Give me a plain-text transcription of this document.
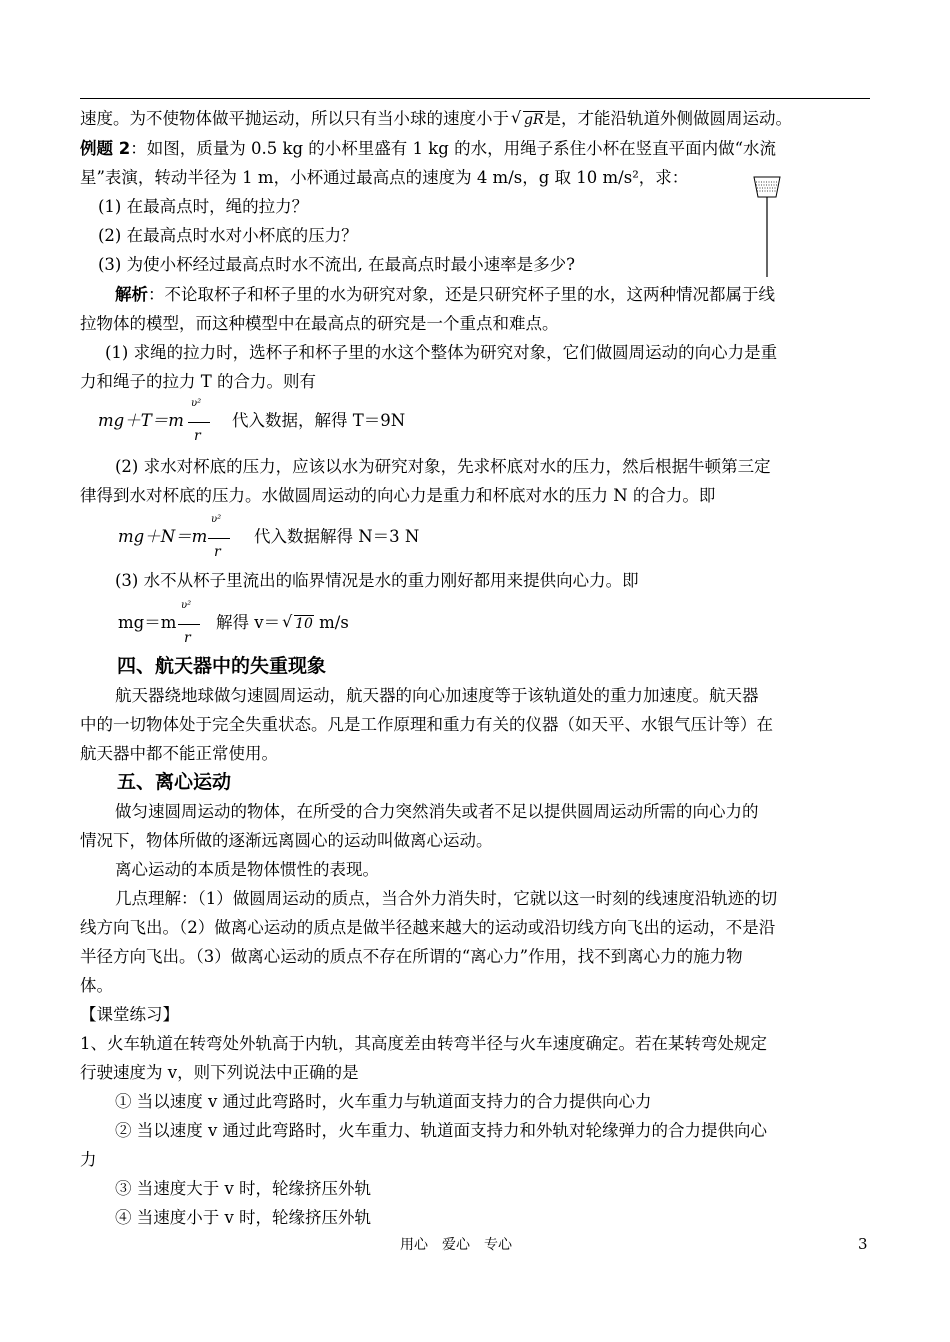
速度。为不使物体做平抛运动，所以只有当小球的速度小于 √ gR是，才能沿轨道外侧做圆周运动。
例题 2：如图，质量为 0.5 kg 的小杯里盛有 1 kg 的水，用绳子系住小杯在竖直平面内做“水流
星”表演，转动半径为 1 m，小杯通过最高点的速度为 4 m/s，g 取 10 m/s²，求：
(1) 在最高点时，绳的拉力？
(2) 在最高点时水对小杯底的压力？
(3) 为使小杯经过最高点时水不流出, 在最高点时最小速率是多少?
解析：不论取杯子和杯子里的水为研究对象，还是只研究杯子里的水，这两种情况都属于线
拉物体的模型，而这种模型中在最高点的研究是一个重点和难点。
(1) 求绳的拉力时，选杯子和杯子里的水这个整体为研究对象，它们做圆周运动的向心力是重
力和绳子的拉力 T 的合力。则有
mg＋T＝m
υ²
r
代入数据，解得 T＝9N
(2) 求水对杯底的压力，应该以水为研究对象，先求杯底对水的压力，然后根据牛顿第三定
律得到水对杯底的压力。水做圆周运动的向心力是重力和杯底对水的压力 N 的合力。即
mg＋N＝m
υ²
r
代入数据解得 N＝3 N
(3) 水不从杯子里流出的临界情况是水的重力刚好都用来提供向心力。即
mg＝m
υ²
r
解得 v＝ √ 10 m/s
四、航天器中的失重现象
航天器绕地球做匀速圆周运动，航天器的向心加速度等于该轨道处的重力加速度。航天器
中的一切物体处于完全失重状态。凡是工作原理和重力有关的仪器（如天平、水银气压计等）在
航天器中都不能正常使用。
五、离心运动
做匀速圆周运动的物体，在所受的合力突然消失或者不足以提供圆周运动所需的向心力的
情况下，物体所做的逐渐远离圆心的运动叫做离心运动。
离心运动的本质是物体惯性的表现。
几点理解：（1）做圆周运动的质点，当合外力消失时，它就以这一时刻的线速度沿轨迹的切
线方向飞出。（2）做离心运动的质点是做半径越来越大的运动或沿切线方向飞出的运动，不是沿
半径方向飞出。（3）做离心运动的质点不存在所谓的“离心力”作用，找不到离心力的施力物
体。
【课堂练习】
1、火车轨道在转弯处外轨高于内轨，其高度差由转弯半径与火车速度确定。若在某转弯处规定
行驶速度为 v，则下列说法中正确的是
① 当以速度 v 通过此弯路时，火车重力与轨道面支持力的合力提供向心力
② 当以速度 v 通过此弯路时，火车重力、轨道面支持力和外轨对轮缘弹力的合力提供向心
力
③ 当速度大于 v 时，轮缘挤压外轨
④ 当速度小于 v 时，轮缘挤压外轨
用心　爱心　专心	3
